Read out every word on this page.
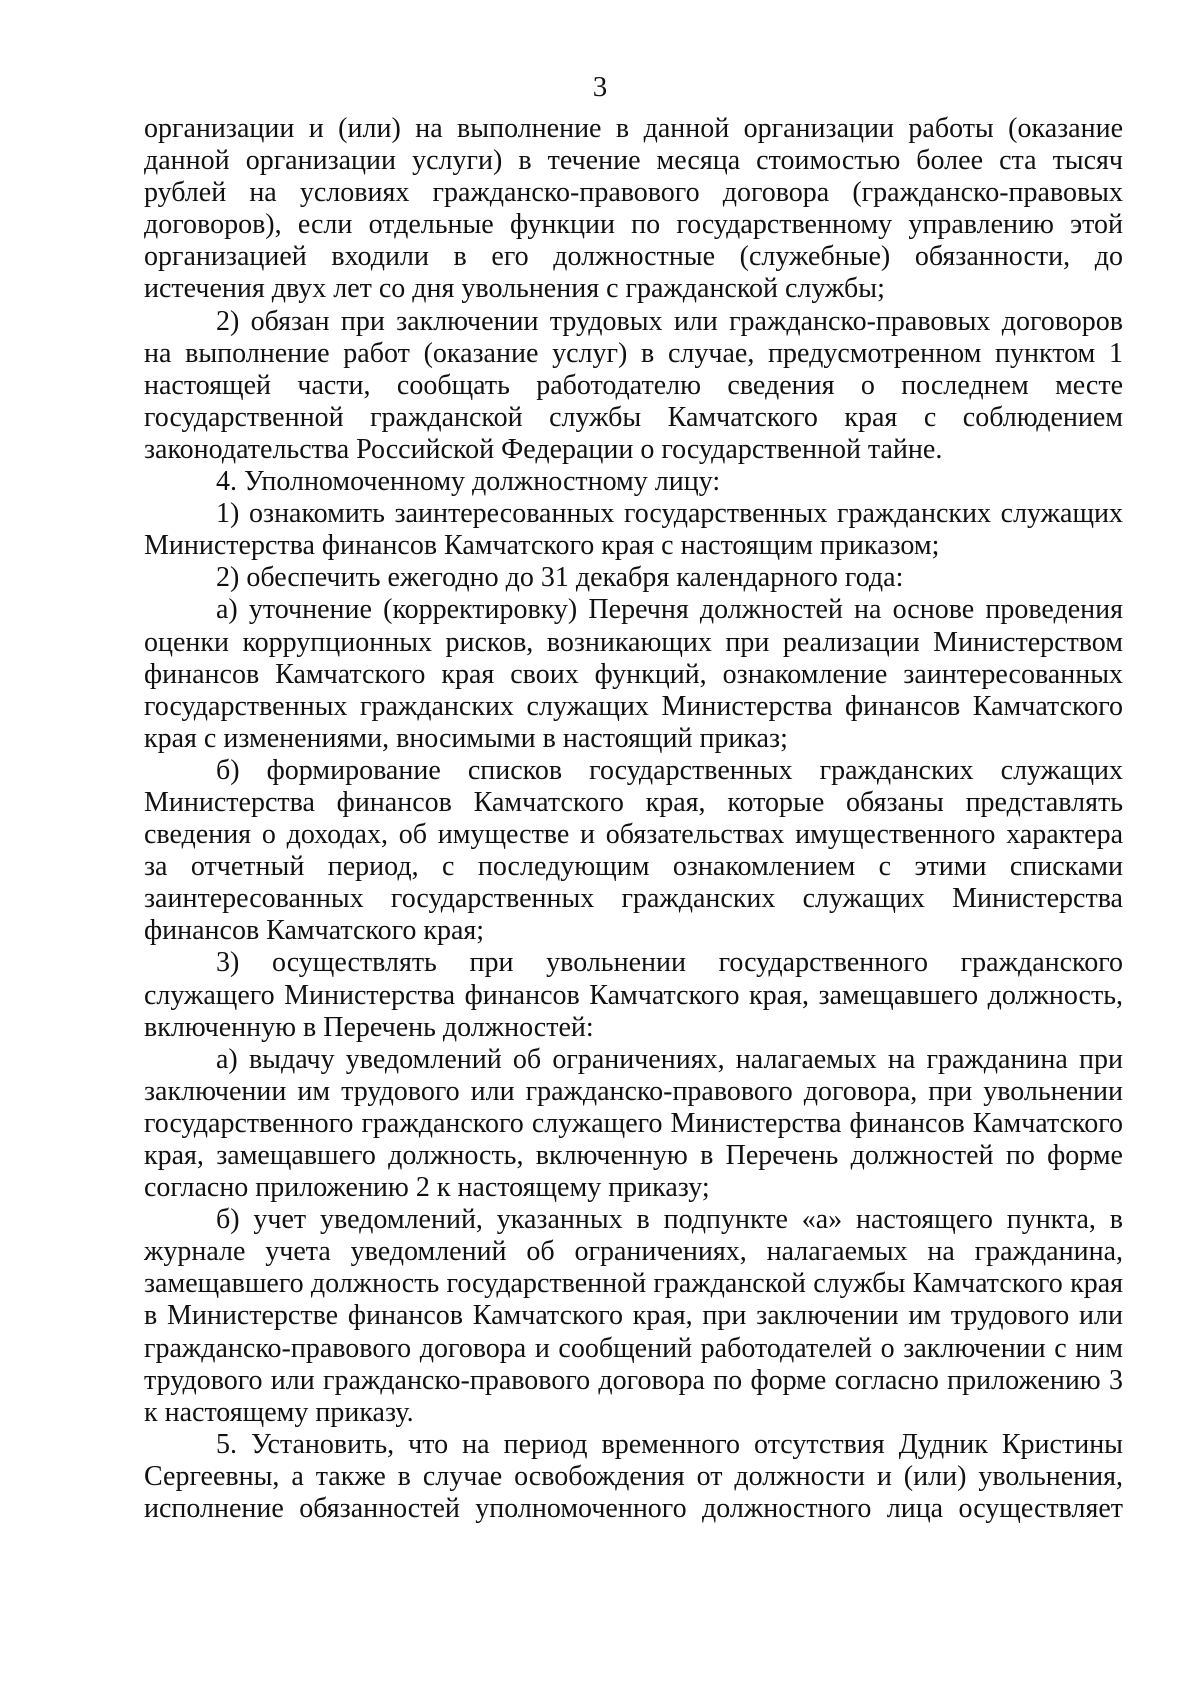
3

организации и (или) на выполнение в данной организации работы (оказание данной организации услуги) в течение месяца стоимостью более ста тысяч рублей на условиях гражданско-правового договора (гражданско-правовых договоров), если отдельные функции по государственному управлению этой организацией входили в его должностные (служебные) обязанности, до истечения двух лет со дня увольнения с гражданской службы;

2) обязан при заключении трудовых или гражданско-правовых договоров на выполнение работ (оказание услуг) в случае, предусмотренном пунктом 1 настоящей части, сообщать работодателю сведения о последнем месте государственной гражданской службы Камчатского края с соблюдением законодательства Российской Федерации о государственной тайне.

4. Уполномоченному должностному лицу:

1) ознакомить заинтересованных государственных гражданских служащих Министерства финансов Камчатского края с настоящим приказом;

2) обеспечить ежегодно до 31 декабря календарного года:

а) уточнение (корректировку) Перечня должностей на основе проведения оценки коррупционных рисков, возникающих при реализации Министерством финансов Камчатского края своих функций, ознакомление заинтересованных государственных гражданских служащих Министерства финансов Камчатского края с изменениями, вносимыми в настоящий приказ;

б) формирование списков государственных гражданских служащих Министерства финансов Камчатского края, которые обязаны представлять сведения о доходах, об имуществе и обязательствах имущественного характера за отчетный период, с последующим ознакомлением с этими списками заинтересованных государственных гражданских служащих Министерства финансов Камчатского края;

3) осуществлять при увольнении государственного гражданского служащего Министерства финансов Камчатского края, замещавшего должность, включенную в Перечень должностей:

а) выдачу уведомлений об ограничениях, налагаемых на гражданина при заключении им трудового или гражданско-правового договора, при увольнении государственного гражданского служащего Министерства финансов Камчатского края, замещавшего должность, включенную в Перечень должностей по форме согласно приложению 2 к настоящему приказу;

б) учет уведомлений, указанных в подпункте «а» настоящего пункта, в журнале учета уведомлений об ограничениях, налагаемых на гражданина, замещавшего должность государственной гражданской службы Камчатского края в Министерстве финансов Камчатского края, при заключении им трудового или гражданско-правового договора и сообщений работодателей о заключении с ним трудового или гражданско-правового договора по форме согласно приложению 3 к настоящему приказу.

5. Установить, что на период временного отсутствия Дудник Кристины Сергеевны, а также в случае освобождения от должности и (или) увольнения, исполнение обязанностей уполномоченного должностного лица осуществляет
